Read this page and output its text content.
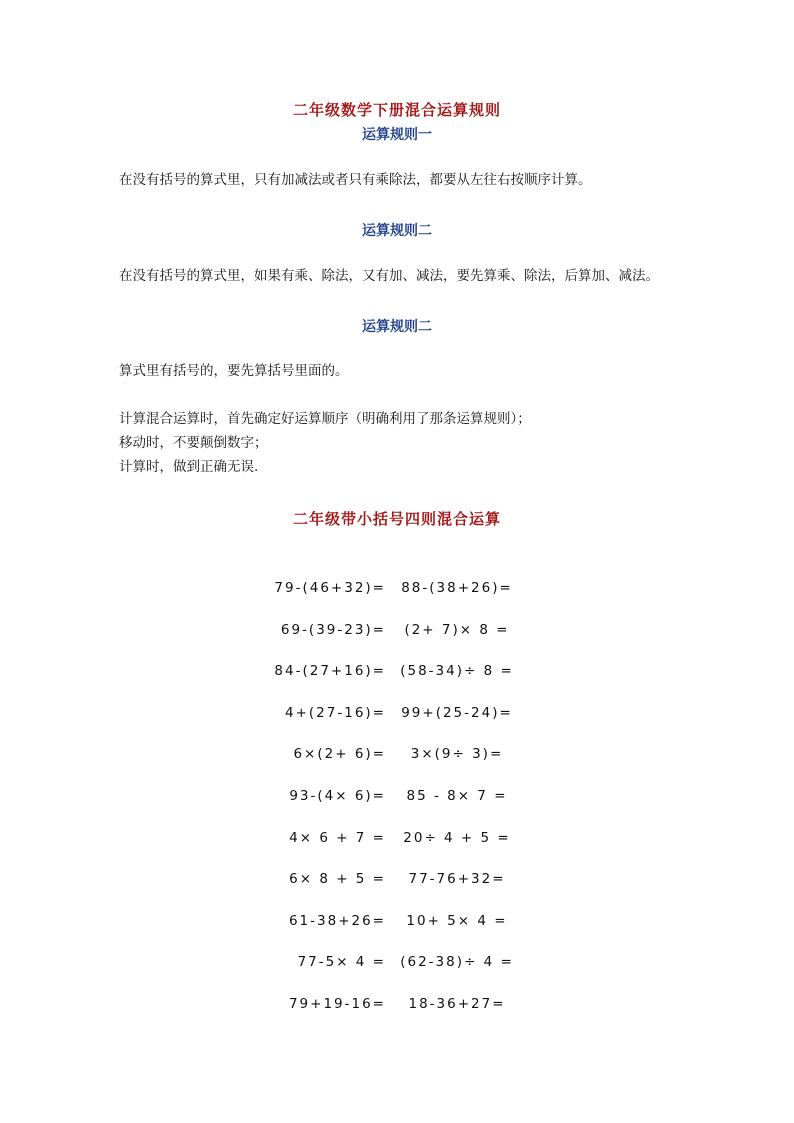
二年级数学下册混合运算规则
运算规则一
在没有括号的算式里，只有加减法或者只有乘除法，都要从左往右按顺序计算。
运算规则二
在没有括号的算式里，如果有乘、除法，又有加、减法，要先算乘、除法，后算加、减法。
运算规则二
算式里有括号的，要先算括号里面的。
计算混合运算时，首先确定好运算顺序（明确利用了那条运算规则）；
移动时，不要颠倒数字；
计算时，做到正确无误.
二年级带小括号四则混合运算
79-(46+32)= 88-(38+26)=
69-(39-23)=	(2+ 7)× 8 =
84-(27+16)= (58-34)÷ 8 =
4+(27-16)= 99+(25-24)=
6×(2+ 6)=	3×(9÷ 3)=
93-(4× 6)=	85 - 8× 7 =
4× 6 + 7 =	20÷ 4 + 5 =
6× 8 + 5 =	77-76+32=
61-38+26=	10+ 5× 4 =
77-5× 4 = (62-38)÷ 4 =
79+19-16=	18-36+27=
